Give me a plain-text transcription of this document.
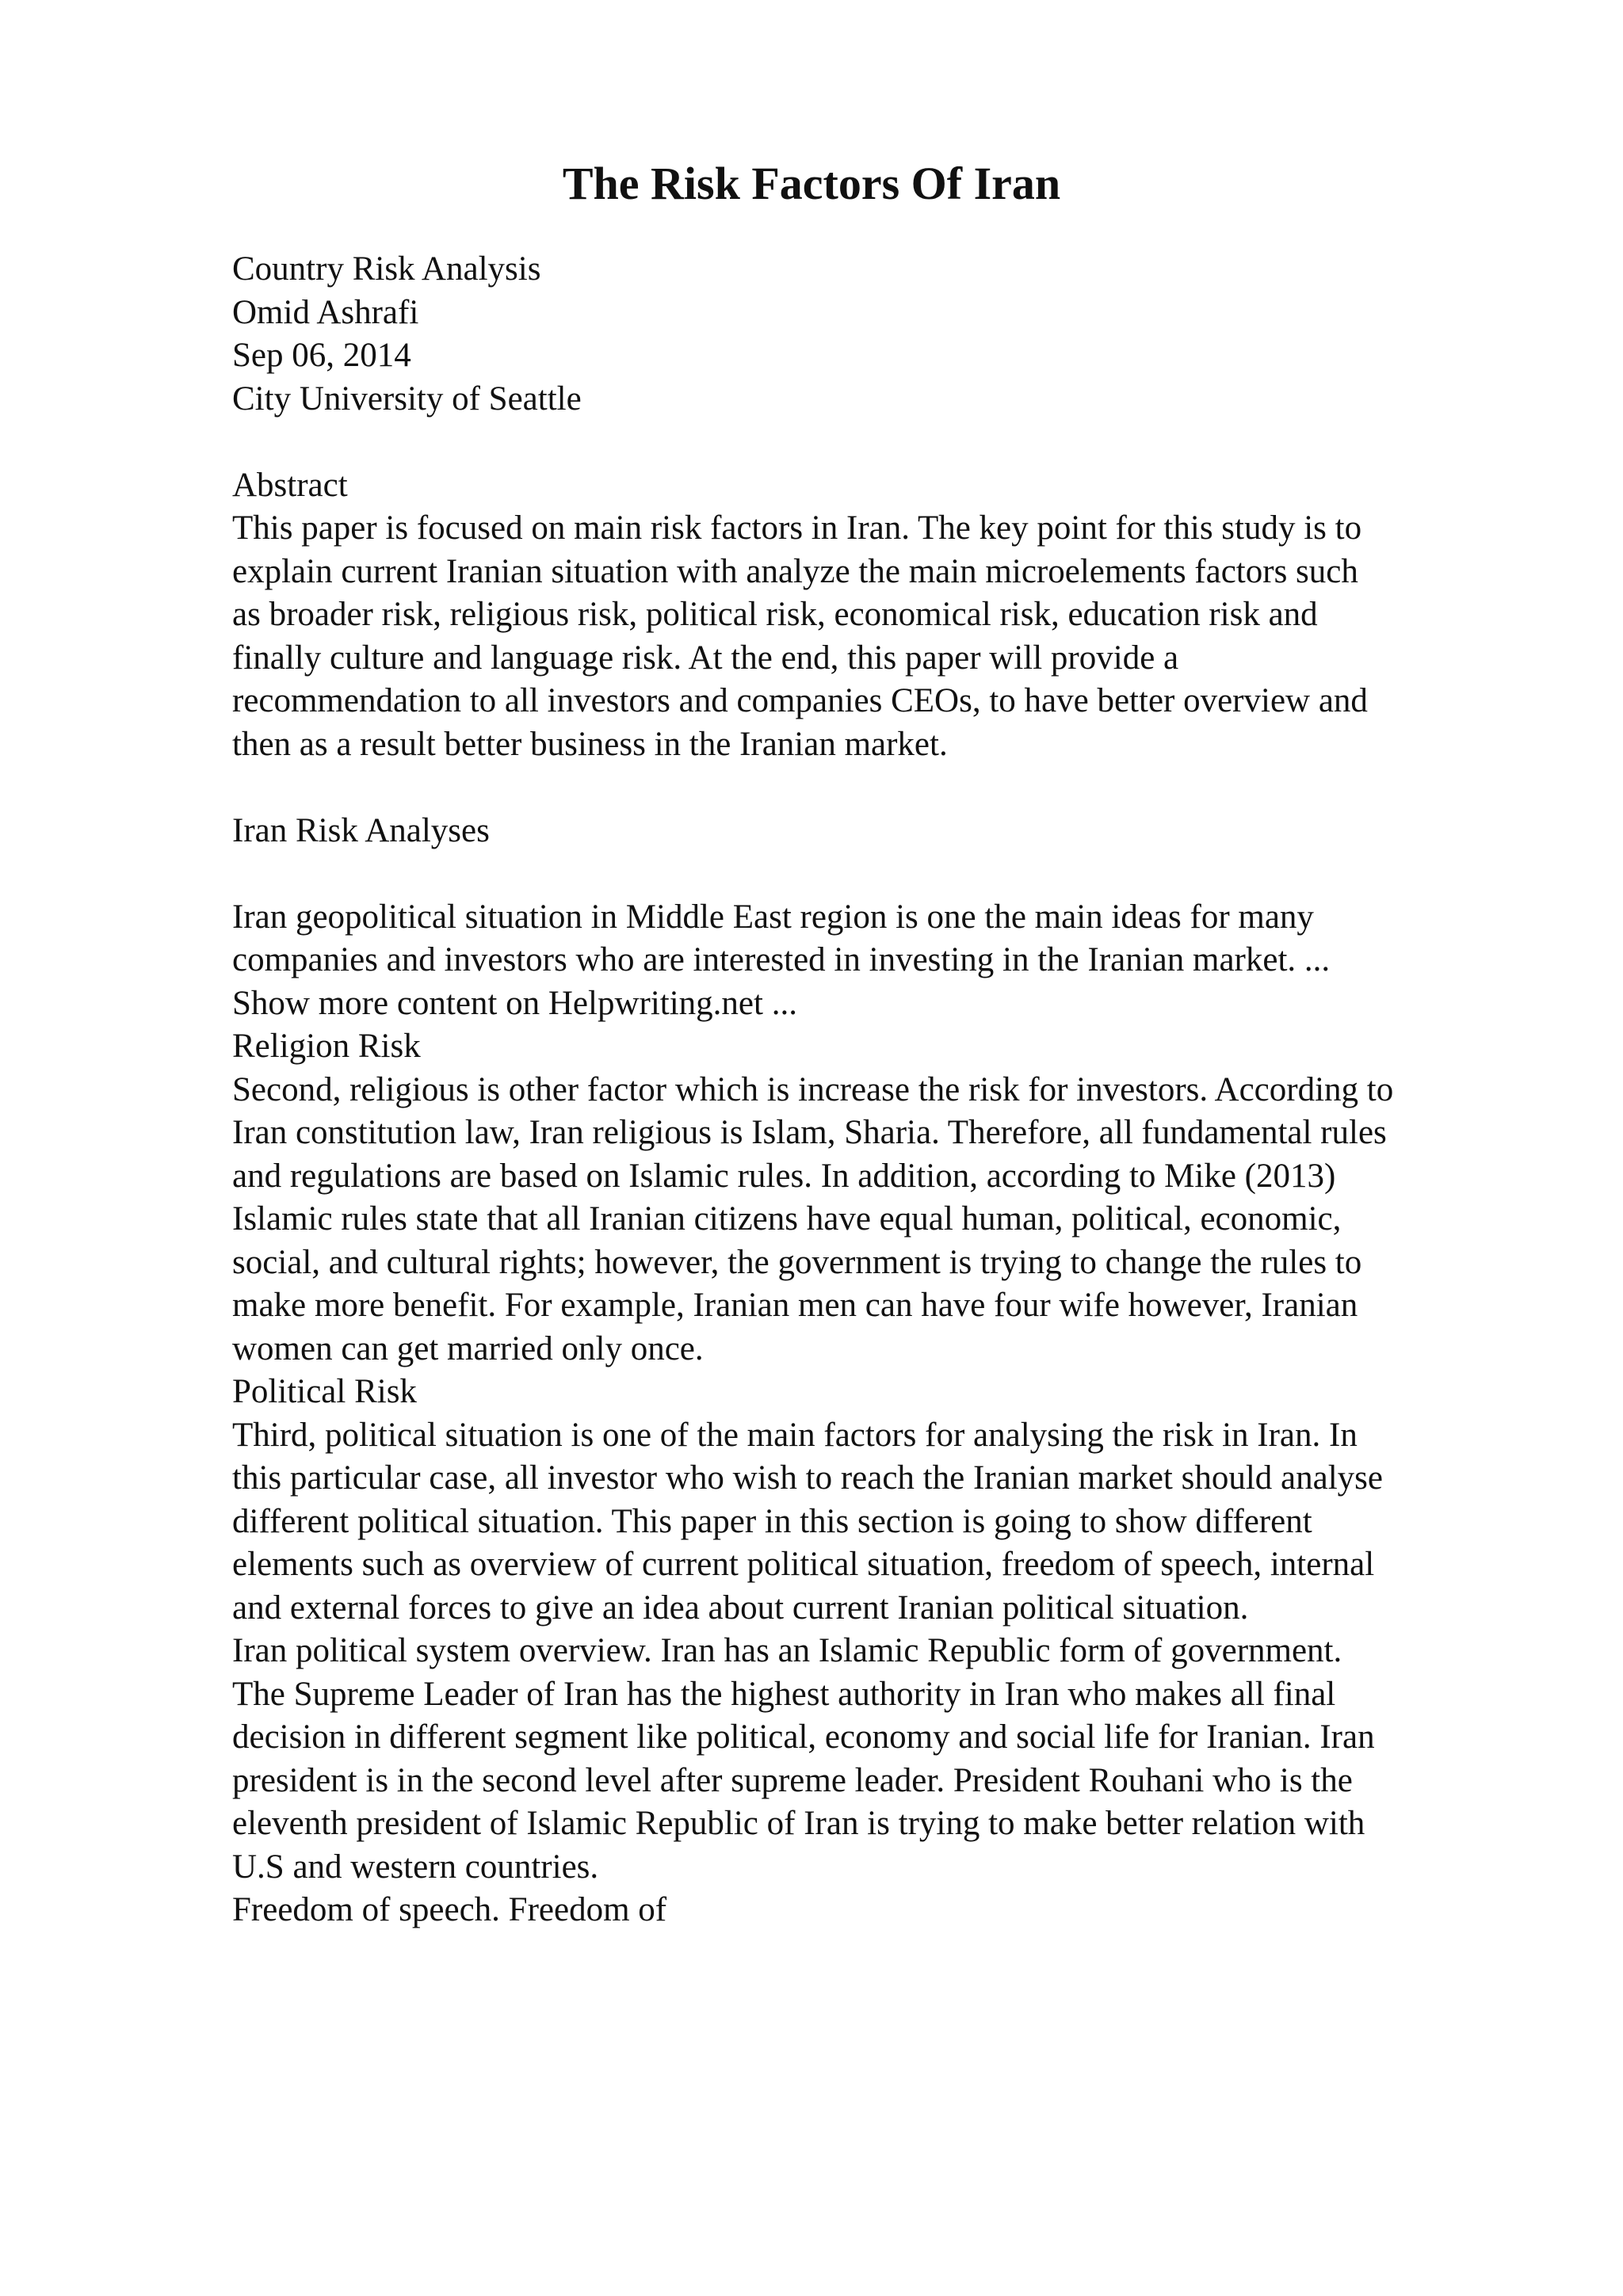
The Risk Factors Of Iran
Country Risk Analysis
Omid Ashrafi
Sep 06, 2014
City University of Seattle
Abstract
This paper is focused on main risk factors in Iran. The key point for this study is to
explain current Iranian situation with analyze the main microelements factors such
as broader risk, religious risk, political risk, economical risk, education risk and
finally culture and language risk. At the end, this paper will provide a
recommendation to all investors and companies CEOs, to have better overview and
then as a result better business in the Iranian market.
Iran Risk Analyses
Iran geopolitical situation in Middle East region is one the main ideas for many
companies and investors who are interested in investing in the Iranian market. ...
Show more content on Helpwriting.net ...
Religion Risk
Second, religious is other factor which is increase the risk for investors. According to
Iran constitution law, Iran religious is Islam, Sharia. Therefore, all fundamental rules
and regulations are based on Islamic rules. In addition, according to Mike (2013)
Islamic rules state that all Iranian citizens have equal human, political, economic,
social, and cultural rights; however, the government is trying to change the rules to
make more benefit. For example, Iranian men can have four wife however, Iranian
women can get married only once.
Political Risk
Third, political situation is one of the main factors for analysing the risk in Iran. In
this particular case, all investor who wish to reach the Iranian market should analyse
different political situation. This paper in this section is going to show different
elements such as overview of current political situation, freedom of speech, internal
and external forces to give an idea about current Iranian political situation.
Iran political system overview. Iran has an Islamic Republic form of government.
The Supreme Leader of Iran has the highest authority in Iran who makes all final
decision in different segment like political, economy and social life for Iranian. Iran
president is in the second level after supreme leader. President Rouhani who is the
eleventh president of Islamic Republic of Iran is trying to make better relation with
U.S and western countries.
Freedom of speech. Freedom of
